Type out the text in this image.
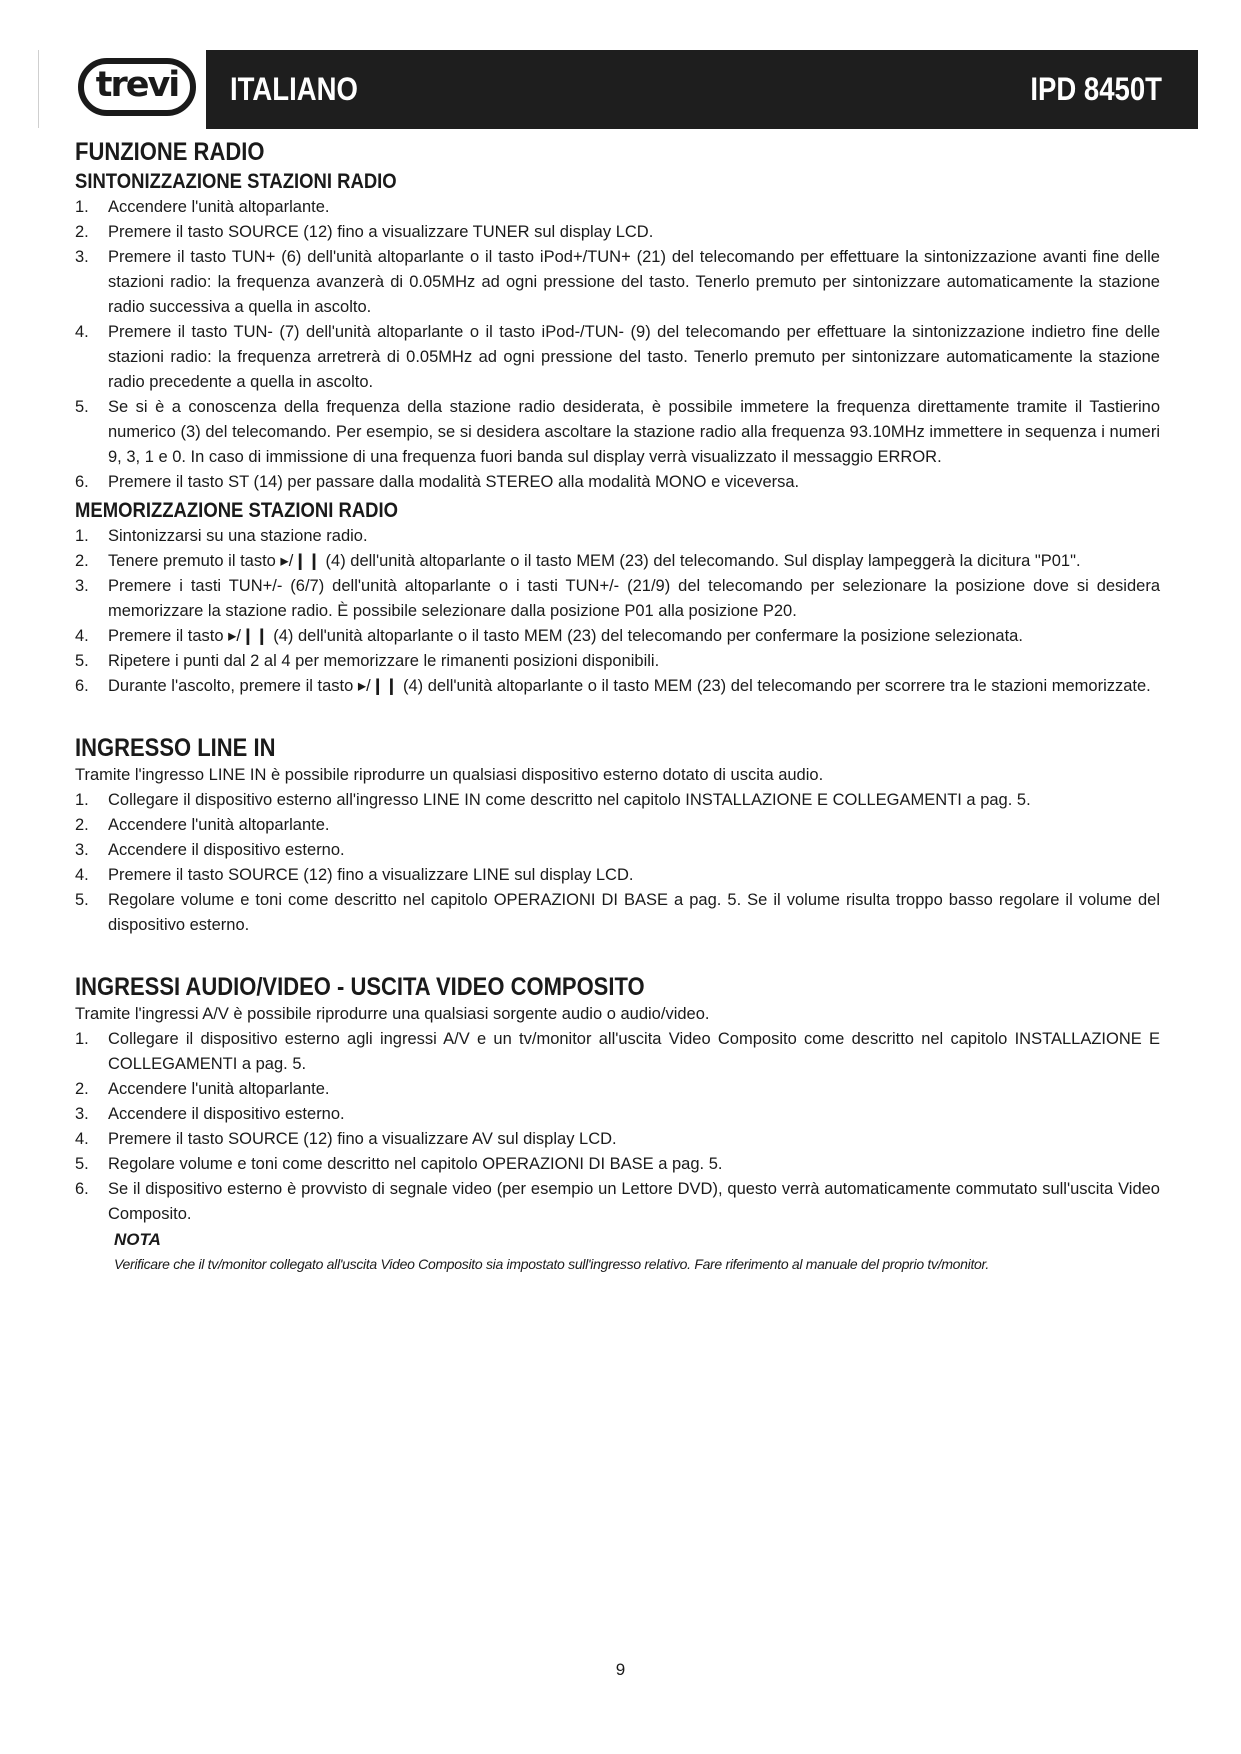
trevi ITALIANO	IPD 8450T
FUNZIONE RADIO
SINTONIZZAZIONE STAZIONI RADIO
1. Accendere l'unità altoparlante.
2. Premere il tasto SOURCE (12) fino a visualizzare TUNER sul display LCD.
3. Premere il tasto TUN+ (6) dell'unità altoparlante o il tasto iPod+/TUN+ (21) del telecomando per effettuare la sintonizzazione avanti fine delle stazioni radio: la frequenza avanzerà di 0.05MHz ad ogni pressione del tasto. Tenerlo premuto per sintonizzare automaticamente la stazione radio successiva a quella in ascolto.
4. Premere il tasto TUN- (7) dell'unità altoparlante o il tasto iPod-/TUN- (9) del telecomando per effettuare la sintonizzazione indietro fine delle stazioni radio: la frequenza arretrerà di 0.05MHz ad ogni pressione del tasto. Tenerlo premuto per sintonizzare automaticamente la stazione radio precedente a quella in ascolto.
5. Se si è a conoscenza della frequenza della stazione radio desiderata, è possibile immetere la frequenza direttamente tramite il Tastierino numerico (3) del telecomando. Per esempio, se si desidera ascoltare la stazione radio alla frequenza 93.10MHz immettere in sequenza i numeri 9, 3, 1 e 0. In caso di immissione di una frequenza fuori banda sul display verrà visualizzato il messaggio ERROR.
6. Premere il tasto ST (14) per passare dalla modalità STEREO alla modalità MONO e viceversa.
MEMORIZZAZIONE STAZIONI RADIO
1. Sintonizzarsi su una stazione radio.
2. Tenere premuto il tasto ▸/❙❙ (4) dell'unità altoparlante o il tasto MEM (23) del telecomando. Sul display lampeggerà la dicitura "P01".
3. Premere i tasti TUN+/- (6/7) dell'unità altoparlante o i tasti TUN+/- (21/9) del telecomando per selezionare la posizione dove si desidera memorizzare la stazione radio. È possibile selezionare dalla posizione P01 alla posizione P20.
4. Premere il tasto ▸/❙❙ (4) dell'unità altoparlante o il tasto MEM (23) del telecomando per confermare la posizione selezionata.
5. Ripetere i punti dal 2 al 4 per memorizzare le rimanenti posizioni disponibili.
6. Durante l'ascolto, premere il tasto ▸/❙❙ (4) dell'unità altoparlante o il tasto MEM (23) del telecomando per scorrere tra le stazioni memorizzate.
INGRESSO LINE IN

Tramite l'ingresso LINE IN è possibile riprodurre un qualsiasi dispositivo esterno dotato di uscita audio.

1. Collegare il dispositivo esterno all'ingresso LINE IN come descritto nel capitolo INSTALLAZIONE E COLLEGAMENTI a pag. 5.
2. Accendere l'unità altoparlante.
3. Accendere il dispositivo esterno.
4. Premere il tasto SOURCE (12) fino a visualizzare LINE sul display LCD.
5. Regolare volume e toni come descritto nel capitolo OPERAZIONI DI BASE a pag. 5. Se il volume risulta troppo basso regolare il volume del dispositivo esterno.
INGRESSI AUDIO/VIDEO - USCITA VIDEO COMPOSITO

Tramite l'ingressi A/V è possibile riprodurre una qualsiasi sorgente audio o audio/video.

1. Collegare il dispositivo esterno agli ingressi A/V e un tv/monitor all'uscita Video Composito come descritto nel capitolo INSTALLAZIONE E COLLEGAMENTI a pag. 5.
2. Accendere l'unità altoparlante.
3. Accendere il dispositivo esterno.
4. Premere il tasto SOURCE (12) fino a visualizzare AV sul display LCD.
5. Regolare volume e toni come descritto nel capitolo OPERAZIONI DI BASE a pag. 5.
6. Se il dispositivo esterno è provvisto di segnale video (per esempio un Lettore DVD), questo verrà automaticamente commutato sull'uscita Video Composito.

NOTA

Verificare che il tv/monitor collegato all'uscita Video Composito sia impostato sull'ingresso relativo. Fare riferimento al manuale del proprio tv/monitor.

9
